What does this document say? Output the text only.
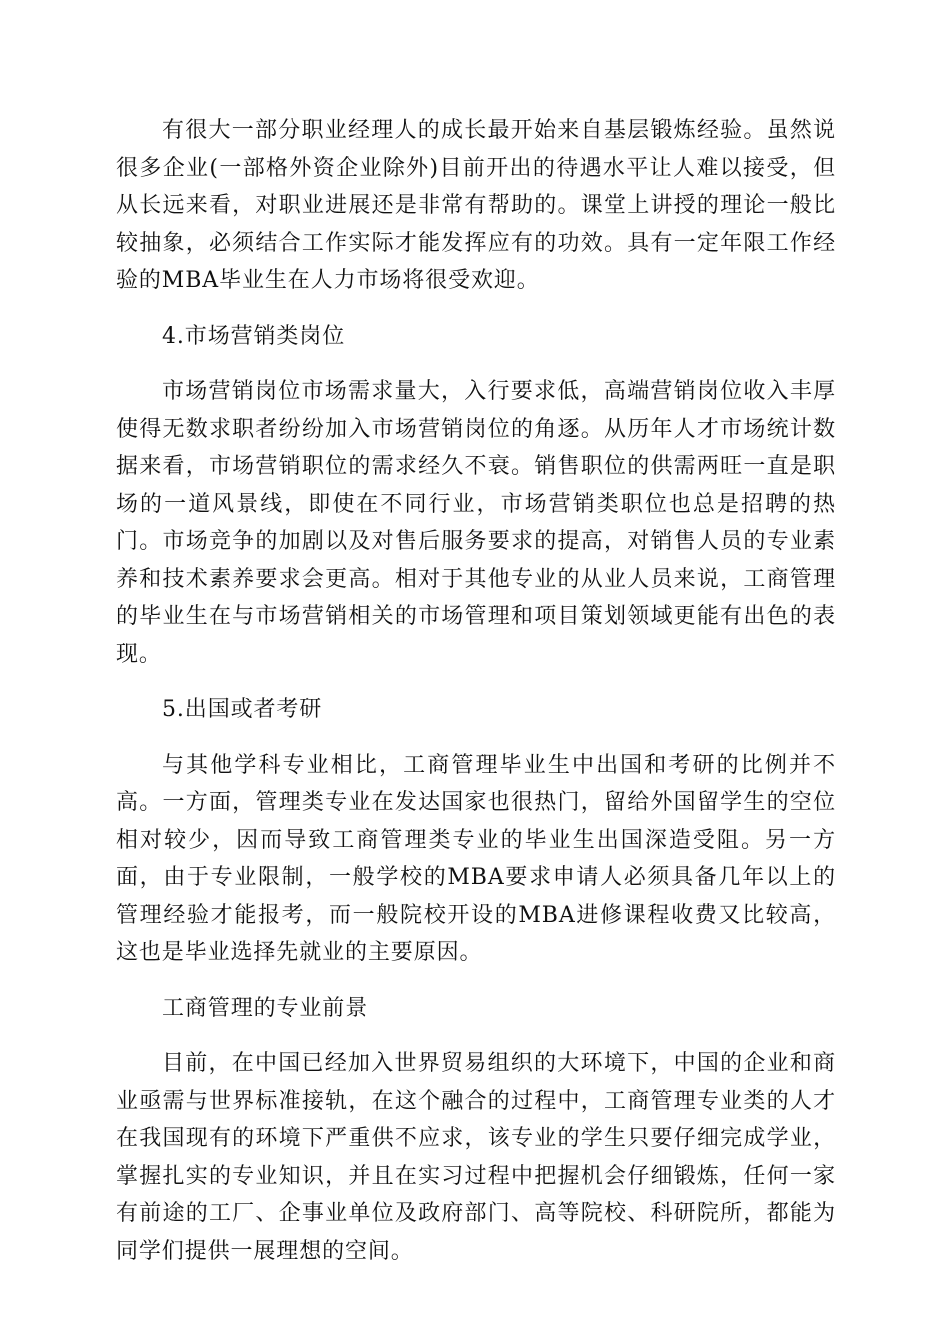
有很大一部分职业经理人的成长最开始来自基层锻炼经验。虽然说很多企业(一部格外资企业除外)目前开出的待遇水平让人难以接受，但从长远来看，对职业进展还是非常有帮助的。课堂上讲授的理论一般比较抽象，必须结合工作实际才能发挥应有的功效。具有一定年限工作经验的MBA毕业生在人力市场将很受欢迎。

4.市场营销类岗位

市场营销岗位市场需求量大，入行要求低，高端营销岗位收入丰厚使得无数求职者纷纷加入市场营销岗位的角逐。从历年人才市场统计数据来看，市场营销职位的需求经久不衰。销售职位的供需两旺一直是职场的一道风景线，即使在不同行业，市场营销类职位也总是招聘的热门。市场竞争的加剧以及对售后服务要求的提高，对销售人员的专业素养和技术素养要求会更高。相对于其他专业的从业人员来说，工商管理的毕业生在与市场营销相关的市场管理和项目策划领域更能有出色的表现。

5.出国或者考研

与其他学科专业相比，工商管理毕业生中出国和考研的比例并不高。一方面，管理类专业在发达国家也很热门，留给外国留学生的空位相对较少，因而导致工商管理类专业的毕业生出国深造受阻。另一方面，由于专业限制，一般学校的MBA要求申请人必须具备几年以上的管理经验才能报考，而一般院校开设的MBA进修课程收费又比较高，这也是毕业选择先就业的主要原因。

工商管理的专业前景

目前，在中国已经加入世界贸易组织的大环境下，中国的企业和商业亟需与世界标准接轨，在这个融合的过程中，工商管理专业类的人才在我国现有的环境下严重供不应求，该专业的学生只要仔细完成学业，掌握扎实的专业知识，并且在实习过程中把握机会仔细锻炼，任何一家有前途的工厂、企事业单位及政府部门、高等院校、科研院所，都能为同学们提供一展理想的空间。
